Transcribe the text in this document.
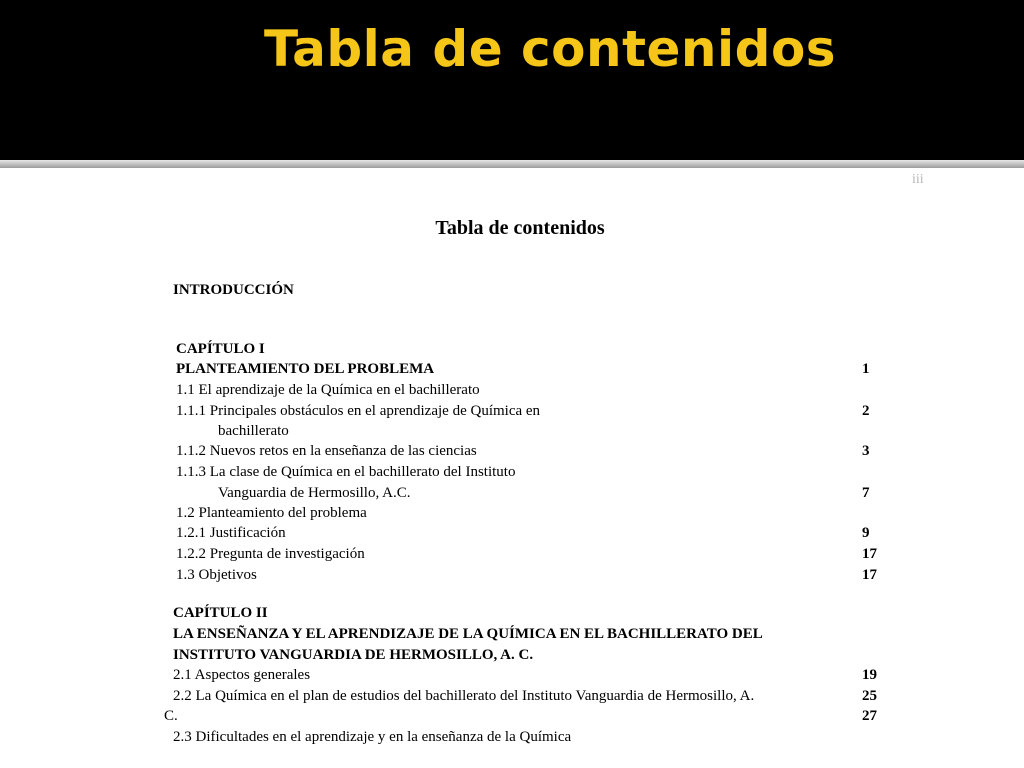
Tabla de contenidos
iii
Tabla de contenidos
INTRODUCCIÓN
CAPÍTULO I
PLANTEAMIENTO DEL PROBLEMA	1
1.1 El aprendizaje de la Química en el bachillerato
1.1.1 Principales obstáculos en el aprendizaje de Química en	2
bachillerato
1.1.2 Nuevos retos en la enseñanza de las ciencias	3
1.1.3 La clase de Química en el bachillerato del Instituto
Vanguardia de Hermosillo, A.C.	7
1.2 Planteamiento del problema
1.2.1 Justificación	9
1.2.2 Pregunta de investigación	17
1.3 Objetivos	17
CAPÍTULO II
LA ENSEÑANZA Y EL APRENDIZAJE DE LA QUÍMICA EN EL BACHILLERATO DEL
INSTITUTO VANGUARDIA DE HERMOSILLO, A. C.
2.1 Aspectos generales	19
2.2 La Química en el plan de estudios del bachillerato del Instituto Vanguardia de Hermosillo, A.	25
C.	27
2.3 Dificultades en el aprendizaje y en la enseñanza de la Química
